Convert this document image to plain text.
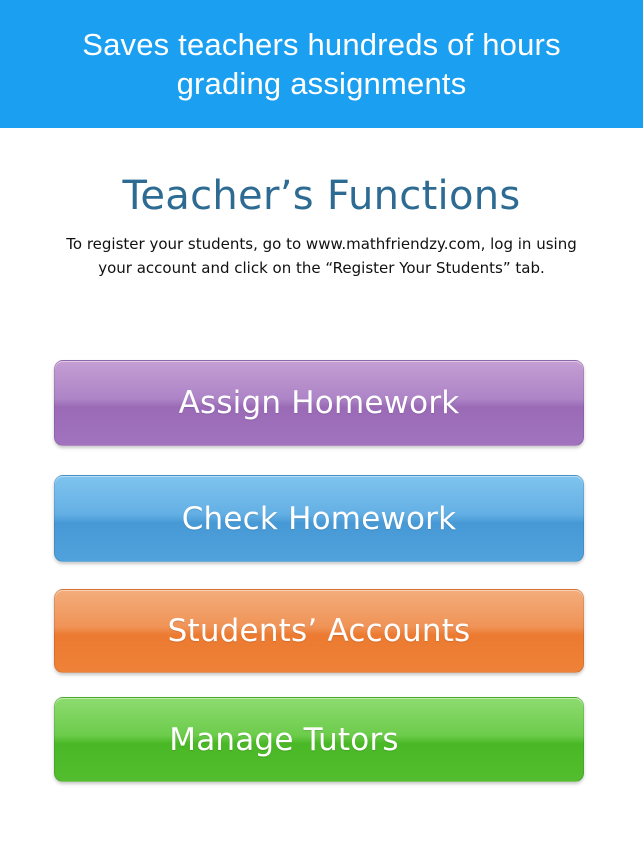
Saves teachers hundreds of hours
grading assignments
Teacher’s Functions
To register your students, go to www.mathfriendzy.com, log in using
your account and click on the “Register Your Students” tab.
Assign Homework
Check Homework
Students’ Accounts
Manage Tutors
